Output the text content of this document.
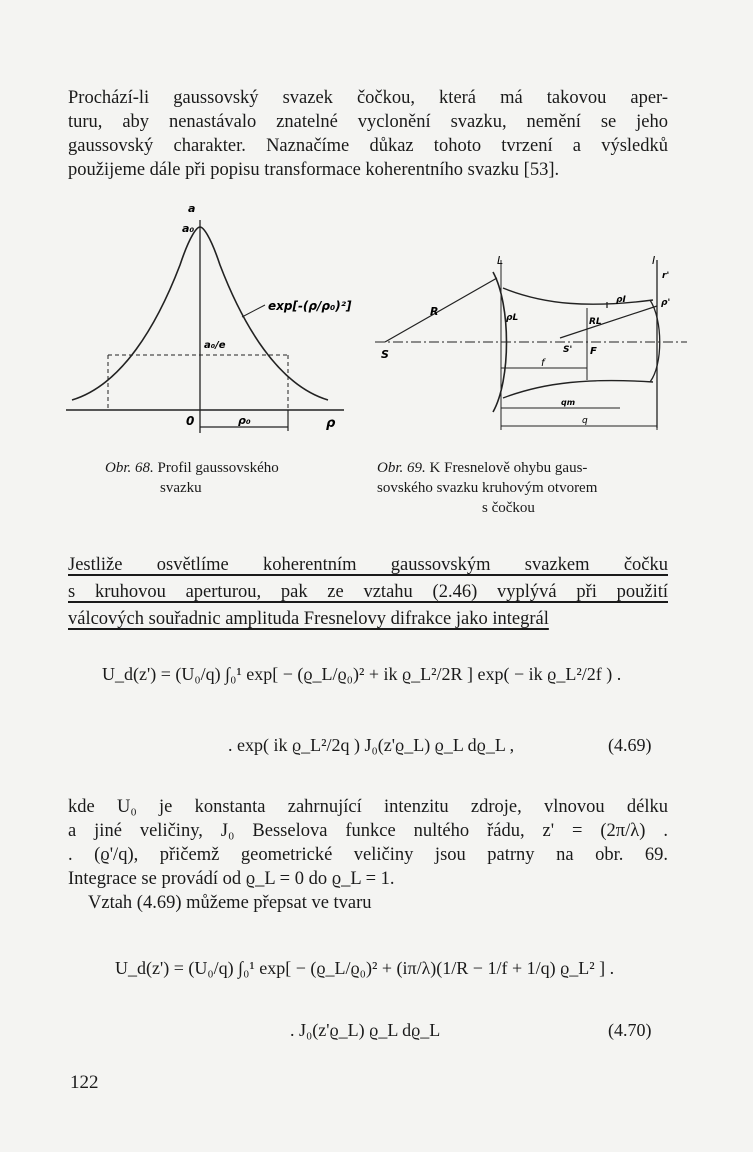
Prochází-li gaussovský svazek čočkou, která má takovou aper-
turu, aby nenastávalo znatelné vyclonění svazku, nemění se jeho
gaussovský charakter. Naznačíme důkaz tohoto tvrzení a výsledků
použijeme dále při popisu transformace koherentního svazku [53].
a
a₀
exp[-(ρ/ρ₀)²]
a₀/e
0	ρ₀	ρ
Obr. 68. Profil gaussovského
svazku
L	I
R
S
ρL
r'
ρ'
RL
ρI
S' F
f
qm
q
Obr. 69. K Fresnelově ohybu gaus-
sovského svazku kruhovým otvorem
s čočkou
Jestliže osvětlíme koherentním gaussovským svazkem čočku
s kruhovou aperturou, pak ze vztahu (2.46) vyplývá při použití
válcových souřadnic amplituda Fresnelovy difrakce jako integrál
U_d(z') = (U₀/q) ∫₀¹ exp[ − (ϱ_L/ϱ₀)² + ik ϱ_L²/2R ] exp( − ik ϱ_L²/2f ) .
. exp( ik ϱ_L²/2q ) J₀(z'ϱ_L) ϱ_L dϱ_L ,	(4.69)
kde U₀ je konstanta zahrnující intenzitu zdroje, vlnovou délku
a jiné veličiny, J₀ Besselova funkce nultého řádu, z' = (2π/λ) .
. (ϱ'/q), přičemž geometrické veličiny jsou patrny na obr. 69.
Integrace se provádí od ϱ_L = 0 do ϱ_L = 1.
Vztah (4.69) můžeme přepsat ve tvaru
U_d(z') = (U₀/q) ∫₀¹ exp[ − (ϱ_L/ϱ₀)² + (iπ/λ)(1/R − 1/f + 1/q) ϱ_L² ] .
. J₀(z'ϱ_L) ϱ_L dϱ_L	(4.70)
122
